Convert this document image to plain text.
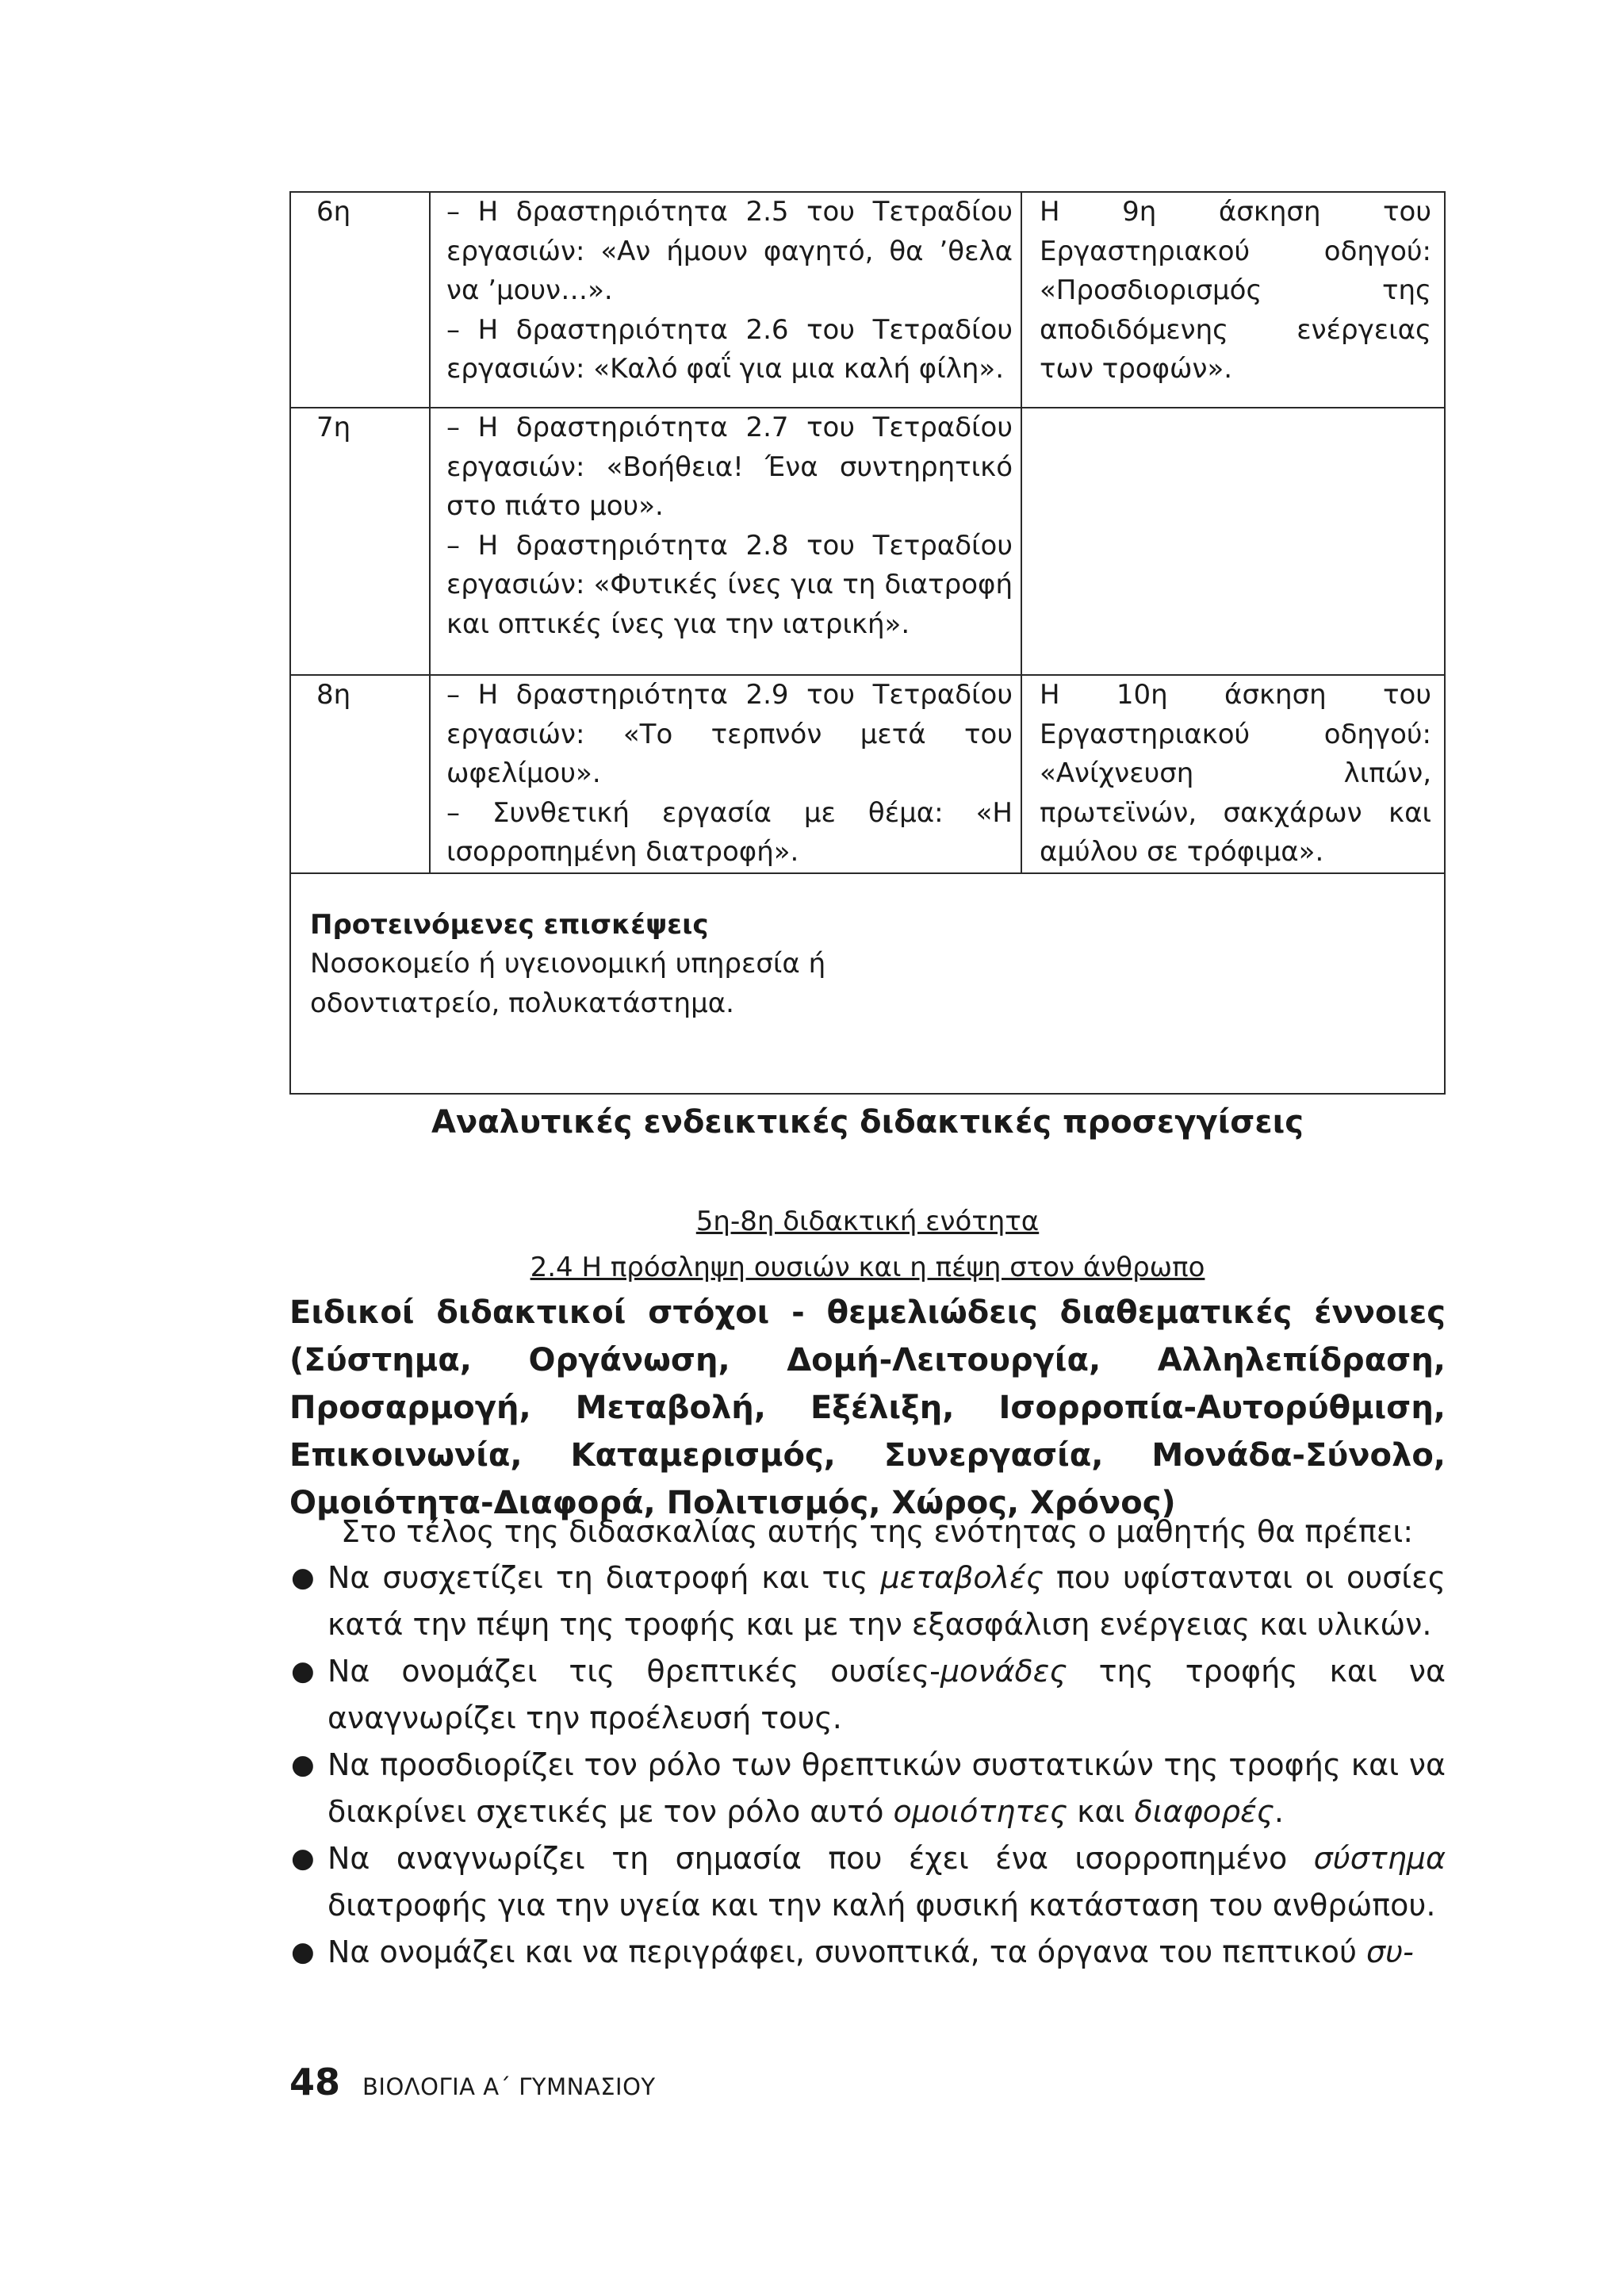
6η	– Η δραστηριότητα 2.5 του Τετραδίου εργασιών: «Αν ήμουν φαγητό, θα ’θελα να ’μουν…».
– Η δραστηριότητα 2.6 του Τετραδίου εργασιών: «Καλό φαΐ για μια καλή φίλη».	Η 9η άσκηση του Εργαστηριακού οδηγού: «Προσδιορισμός της αποδιδόμενης ενέργειας των τροφών».
7η	– Η δραστηριότητα 2.7 του Τετραδίου εργασιών: «Βοήθεια! Ένα συντηρητικό στο πιάτο μου».
– Η δραστηριότητα 2.8 του Τετραδίου εργασιών: «Φυτικές ίνες για τη διατροφή και οπτικές ίνες για την ιατρική».	

8η	– Η δραστηριότητα 2.9 του Τετραδίου εργασιών: «Το τερπνόν μετά του ωφελίμου».
– Συνθετική εργασία με θέμα: «Η ισορροπημένη διατροφή».	Η 10η άσκηση του Εργαστηριακού οδηγού: «Ανίχνευση λιπών, πρωτεϊνών, σακχάρων και αμύλου σε τρόφιμα».

Προτεινόμενες επισκέψεις
Νοσοκομείο ή υγειονομική υπηρεσία ή οδοντιατρείο, πολυκατάστημα.		
Αναλυτικές ενδεικτικές διδακτικές προσεγγίσεις
5η-8η διδακτική ενότητα
2.4 Η πρόσληψη ουσιών και η πέψη στον άνθρωπο
Ειδικοί διδακτικοί στόχοι - θεμελιώδεις διαθεματικές έννοιες (Σύστημα, Οργάνωση, Δομή-Λειτουργία, Αλληλεπίδραση, Προσαρμογή, Μεταβολή, Εξέλιξη, Ισορροπία-Αυτορύθμιση, Επικοινωνία, Καταμερισμός, Συνεργασία, Μονάδα-Σύνολο, Ομοιότητα-Διαφορά, Πολιτισμός, Χώρος, Χρόνος)
Στο τέλος της διδασκαλίας αυτής της ενότητας ο μαθητής θα πρέπει:
● Να συσχετίζει τη διατροφή και τις μεταβολές που υφίστανται οι ουσίες κατά την πέψη της τροφής και με την εξασφάλιση ενέργειας και υλικών.
● Να ονομάζει τις θρεπτικές ουσίες-μονάδες της τροφής και να αναγνωρίζει την προέλευσή τους.
● Να προσδιορίζει τον ρόλο των θρεπτικών συστατικών της τροφής και να διακρίνει σχετικές με τον ρόλο αυτό ομοιότητες και διαφορές.
● Να αναγνωρίζει τη σημασία που έχει ένα ισορροπημένο σύστημα διατροφής για την υγεία και την καλή φυσική κατάσταση του ανθρώπου.
● Να ονομάζει και να περιγράφει, συνοπτικά, τα όργανα του πεπτικού συ-
48 ΒΙΟΛΟΓΙΑ Α΄ ΓΥΜΝΑΣΙΟΥ
